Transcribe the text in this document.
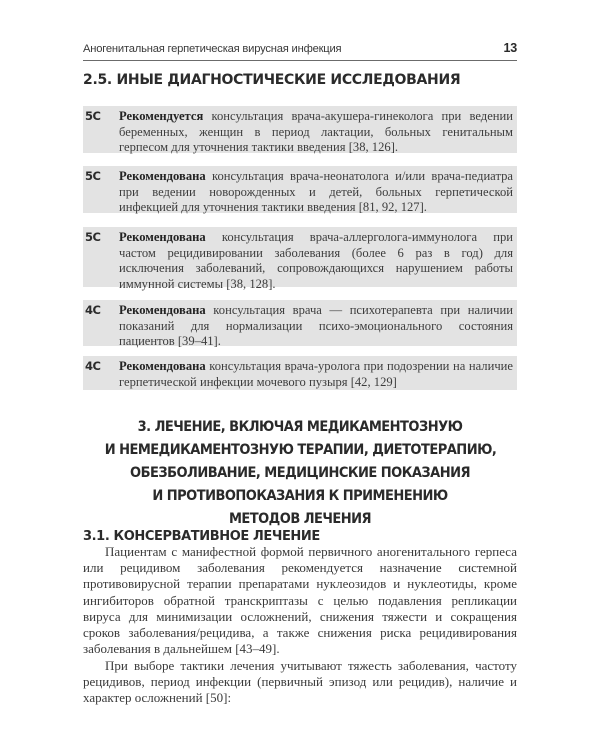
Аногенитальная герпетическая вирусная инфекция	13
2.5. ИНЫЕ ДИАГНОСТИЧЕСКИЕ ИССЛЕДОВАНИЯ
5С	Рекомендуется консультация врача-акушера-гинеколога при ведении беременных, женщин в период лактации, больных генитальным герпесом для уточнения тактики введения [38, 126].
5С	Рекомендована консультация врача-неонатолога и/или врача-педиатра при ведении новорожденных и детей, больных герпетической инфекцией для уточнения тактики введения [81, 92, 127].
5С	Рекомендована консультация врача-аллерголога-иммунолога при частом рецидивировании заболевания (более 6 раз в год) для исключения заболеваний, сопровождающихся нарушением работы иммунной системы [38, 128].
4С	Рекомендована консультация врача — психотерапевта при наличии показаний для нормализации психо-эмоционального состояния пациентов [39–41].
4С	Рекомендована консультация врача-уролога при подозрении на наличие герпетической инфекции мочевого пузыря [42, 129]
3. ЛЕЧЕНИЕ, ВКЛЮЧАЯ МЕДИКАМЕНТОЗНУЮ
И НЕМЕДИКАМЕНТОЗНУЮ ТЕРАПИИ, ДИЕТОТЕРАПИЮ,
ОБЕЗБОЛИВАНИЕ, МЕДИЦИНСКИЕ ПОКАЗАНИЯ
И ПРОТИВОПОКАЗАНИЯ К ПРИМЕНЕНИЮ
МЕТОДОВ ЛЕЧЕНИЯ
3.1. КОНСЕРВАТИВНОЕ ЛЕЧЕНИЕ

Пациентам с манифестной формой первичного аногенитального герпеса или рецидивом заболевания рекомендуется назначение системной противовирусной терапии препаратами нуклеозидов и нуклеотиды, кроме ингибиторов обратной транскриптазы с целью подавления репликации вируса для минимизации осложнений, снижения тяжести и сокращения сроков заболевания/рецидива, а также снижения риска рецидивирования заболевания в дальнейшем [43–49].

При выборе тактики лечения учитывают тяжесть заболевания, частоту рецидивов, период инфекции (первичный эпизод или рецидив), наличие и характер осложнений [50]:
